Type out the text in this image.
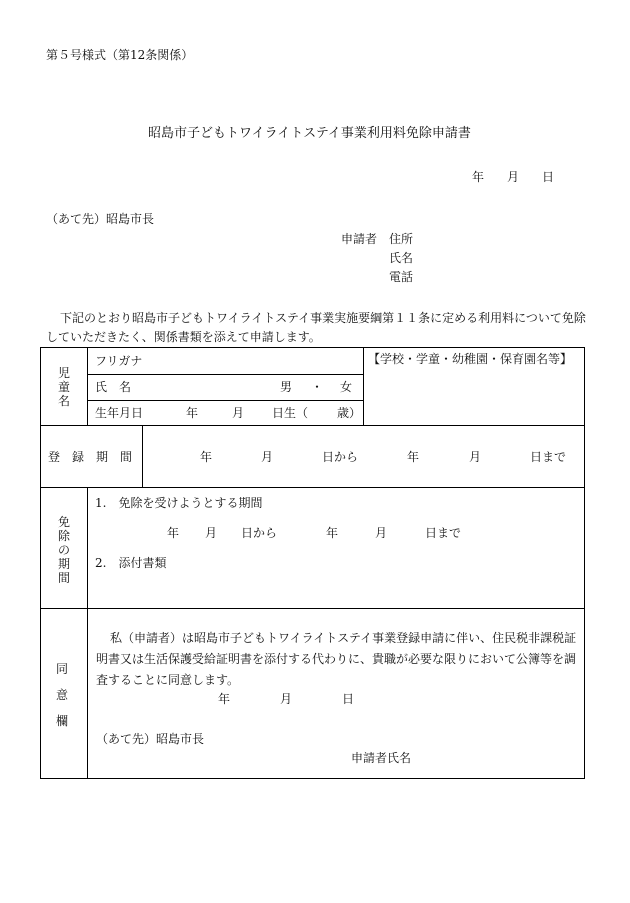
第５号様式（第12条関係）
昭島市子どもトワイライトステイ事業利用料免除申請書
年 月 日
（あて先）昭島市長
申請者 住所
氏名
電話
下記のとおり昭島市子どもトワイライトステイ事業実施要綱第１１条に定める利用料について免除していただきたく、関係書類を添えて申請します。
児童名
フリガナ
氏　名	男 ・ 女
生年月日	年	月 日生（ 歳）
【学校・学童・幼稚園・保育園名等】
登　録　期　間	年	月	日から	年	月	日まで
免除の期間
1.　免除を受けようとする期間
年 月 日から	年	月	日まで
2.　添付書類
同
意
欄
私（申請者）は昭島市子どもトワイライトステイ事業登録申請に伴い、住民税非課税証明書又は生活保護受給証明書を添付する代わりに、貴職が必要な限りにおいて公簿等を調査することに同意します。
年	月	日
（あて先）昭島市長
申請者氏名
